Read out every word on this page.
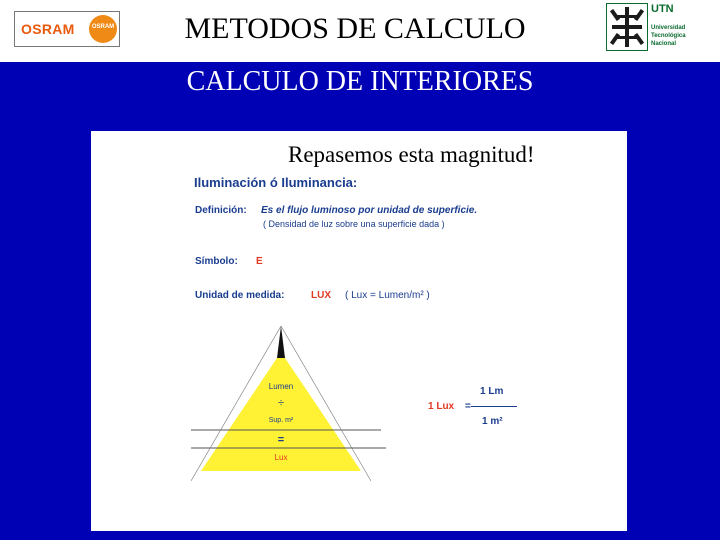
OSRAM	OSRAM	METODOS DE CALCULO
UTN
Universidad
Tecnológica
Nacional
CALCULO DE INTERIORES
Repasemos esta magnitud!
Iluminación ó Iluminancia:
Definición: Es el flujo luminoso por unidad de superficie.
( Densidad de luz sobre una superficie dada )
Símbolo: E
Unidad de medida:	LUX ( Lux = Lumen/m² )
Lumen
÷
Sup. m²
=
Lux
1 Lm
1 Lux =
1 m²
